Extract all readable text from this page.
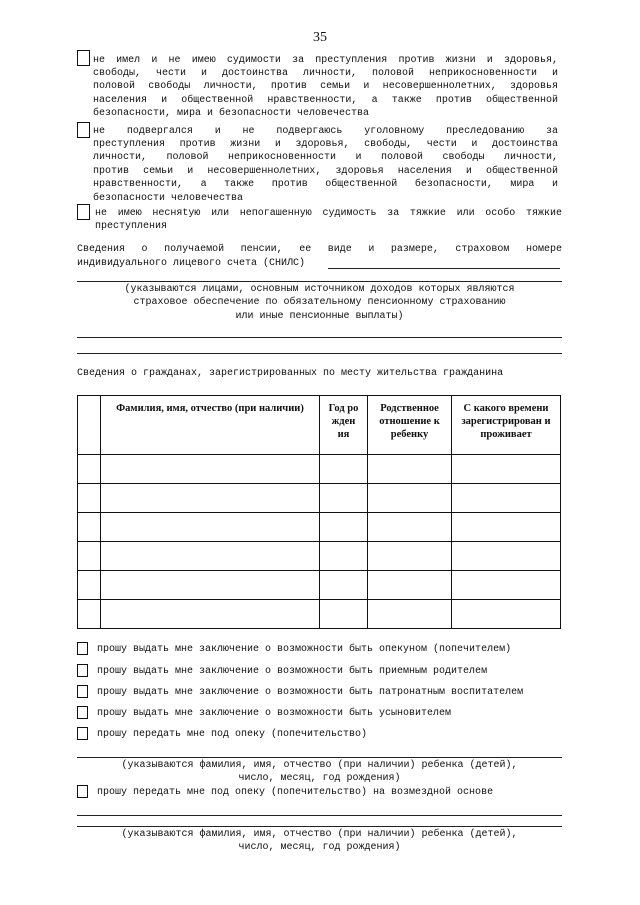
35
не имел и не имею судимости за преступления против жизни и здоровья,
свободы, чести и достоинства личности, половой неприкосновенности и
половой свободы личности, против семьи и несовершеннолетних, здоровья
населения и общественной нравственности, а также против общественной
безопасности, мира и безопасности человечества
не подвергался и не подвергаюсь уголовному преследованию за
преступления против жизни и здоровья, свободы, чести и достоинства
личности, половой неприкосновенности и половой свободы личности,
против семьи и несовершеннолетних, здоровья населения и общественной
нравственности, а также против общественной безопасности, мира и
безопасности человечества
не имею несняtую или непогашенную судимость за тяжкие или особо тяжкие
преступления
Сведения о получаемой пенсии, ее виде и размере, страховом номере
индивидуального лицевого счета (СНИЛС)
(указываются лицами, основным источником доходов которых являются
страховое обеспечение по обязательному пенсионному страхованию
или иные пенсионные выплаты)
Сведения о гражданах, зарегистрированных по месту жительства гражданина
	Фамилия, имя, отчество (при наличии)	Год рожден ия	Родственное отношение к ребенку	С какого времени зарегистрирован и проживает

прошу выдать мне заключение о возможности быть опекуном (попечителем)
прошу выдать мне заключение о возможности быть приемным родителем
прошу выдать мне заключение о возможности быть патронатным воспитателем
прошу выдать мне заключение о возможности быть усыновителем
прошу передать мне под опеку (попечительство)
(указываются фамилия, имя, отчество (при наличии) ребенка (детей),
число, месяц, год рождения)
прошу передать мне под опеку (попечительство) на возмездной основе
(указываются фамилия, имя, отчество (при наличии) ребенка (детей),
число, месяц, год рождения)
